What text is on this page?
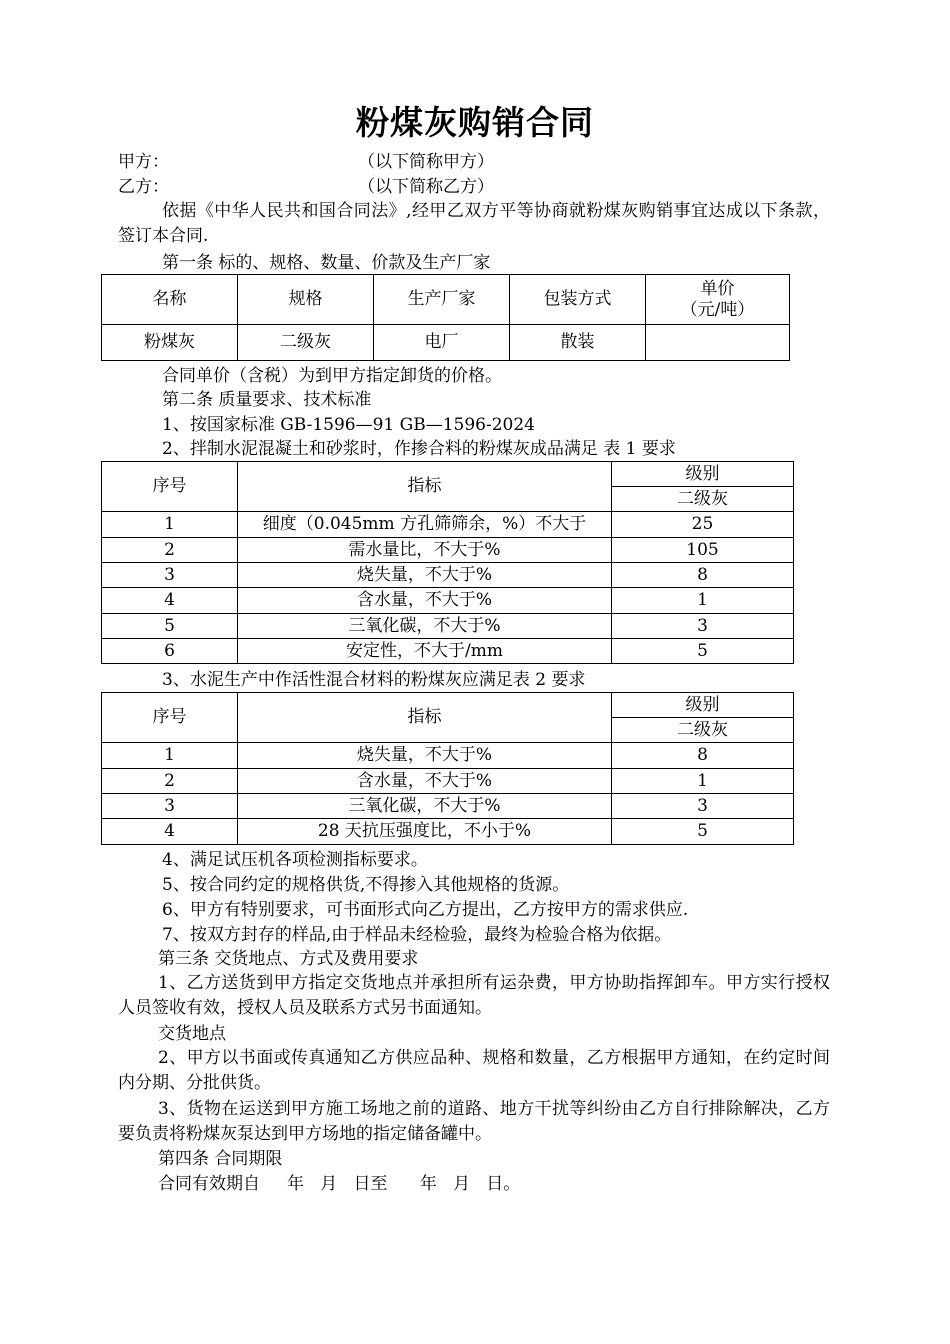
粉煤灰购销合同
甲方：	（以下简称甲方）
乙方：	（以下简称乙方）
依据《中华人民共和国合同法》,经甲乙双方平等协商就粉煤灰购销事宜达成以下条款，签订本合同.
第一条 标的、规格、数量、价款及生产厂家
名称	规格	生产厂家	包装方式	单价
（元/吨）

粉煤灰	二级灰	电厂	散装	
合同单价（含税）为到甲方指定卸货的价格。
第二条 质量要求、技术标准
1、按国家标准 GB-1596—91 GB—1596-2024
2、拌制水泥混凝土和砂浆时，作掺合料的粉煤灰成品满足 表 1 要求
序号	指标	级别
		二级灰
1	细度（0.045mm 方孔筛筛余，%）不大于	25
2	需水量比，不大于%	105
3	烧失量，不大于%	8
4	含水量，不大于%	1
5	三氧化碳，不大于%	3
6	安定性，不大于/mm	5
3、水泥生产中作活性混合材料的粉煤灰应满足表 2 要求
序号	指标	级别
		二级灰
1	烧失量，不大于%	8
2	含水量，不大于%	1
3	三氧化碳，不大于%	3
4	28 天抗压强度比，不小于%	5
4、满足试压机各项检测指标要求。
5、按合同约定的规格供货,不得掺入其他规格的货源。
6、甲方有特别要求，可书面形式向乙方提出，乙方按甲方的需求供应.
7、按双方封存的样品,由于样品未经检验，最终为检验合格为依据。
第三条 交货地点、方式及费用要求
1、乙方送货到甲方指定交货地点并承担所有运杂费，甲方协助指挥卸车。甲方实行授权人员签收有效，授权人员及联系方式另书面通知。
交货地点
2、甲方以书面或传真通知乙方供应品种、规格和数量，乙方根据甲方通知，在约定时间内分期、分批供货。
3、货物在运送到甲方施工场地之前的道路、地方干扰等纠纷由乙方自行排除解决，乙方要负责将粉煤灰泵达到甲方场地的指定储备罐中。
第四条 合同期限
合同有效期自     年   月   日至      年   月   日。
